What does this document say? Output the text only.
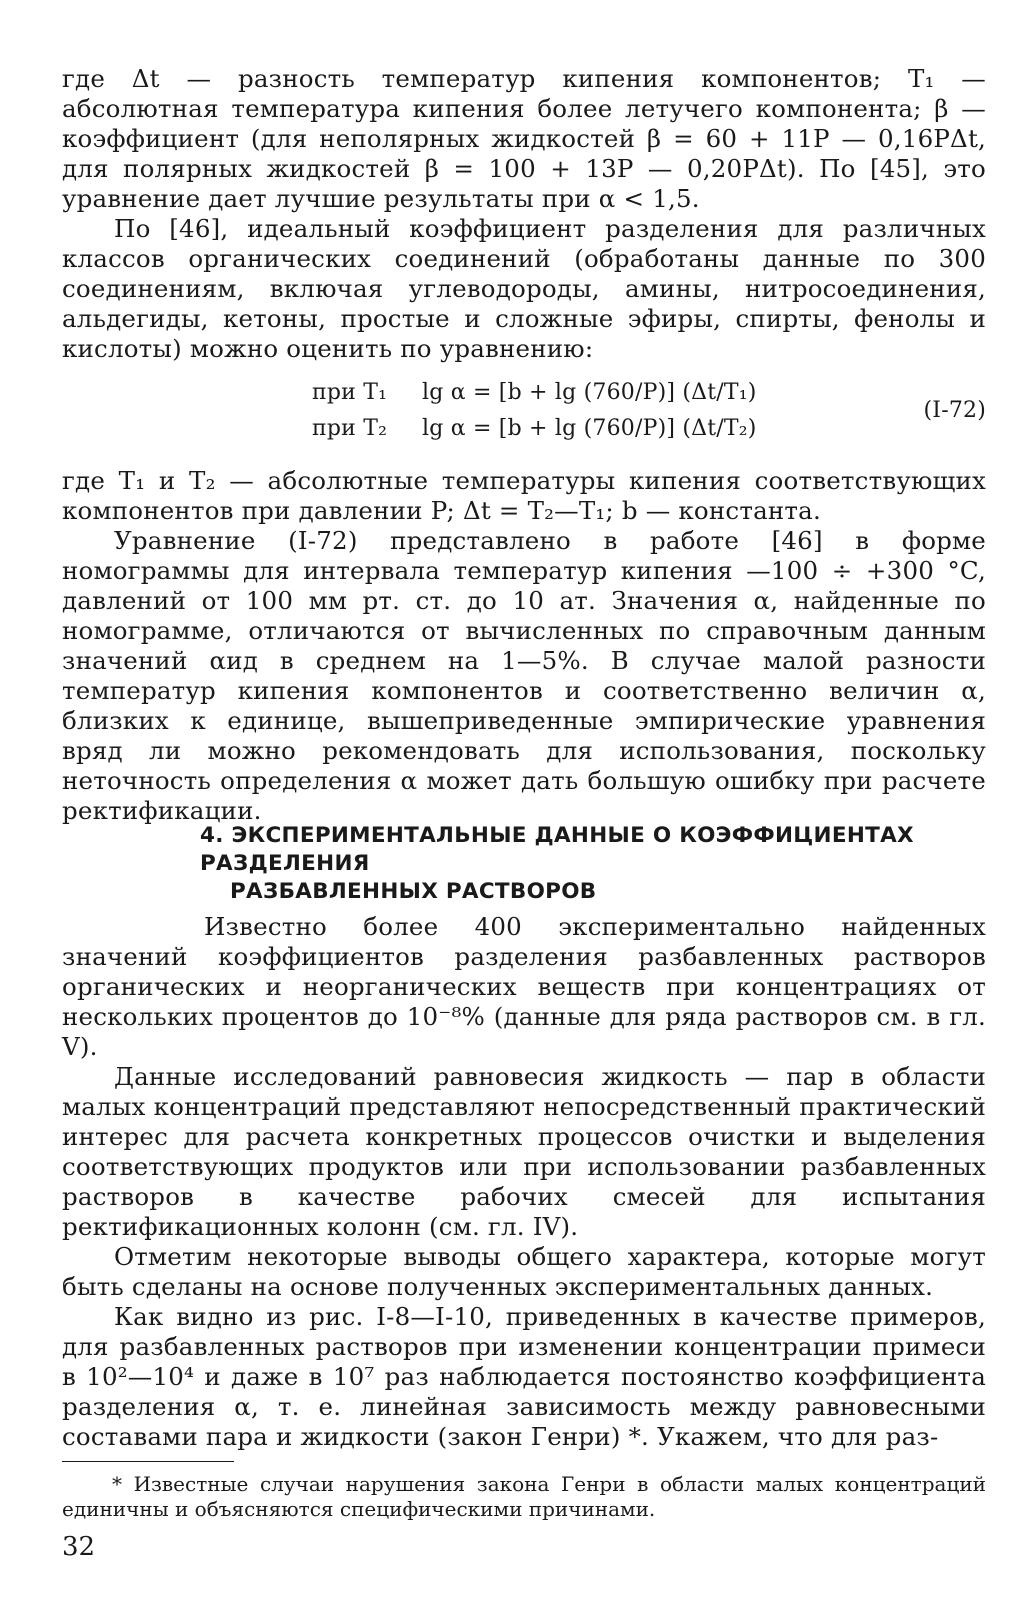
где Δt — разность температур кипения компонентов; T₁ — абсолютная температура кипения более летучего компонента; β — коэффициент (для неполярных жидкостей β = 60 + 11P — 0,16PΔt, для полярных жидкостей β = 100 + 13P — 0,20PΔt). По [45], это уравнение дает лучшие результаты при α < 1,5.

По [46], идеальный коэффициент разделения для различных классов органических соединений (обработаны данные по 300 соединениям, включая углеводороды, амины, нитросоединения, альдегиды, кетоны, простые и сложные эфиры, спирты, фенолы и кислоты) можно оценить по уравнению:

при T₁ lg α = [b + lg (760/P)] (Δt/T₁)
при T₂ lg α = [b + lg (760/P)] (Δt/T₂)
(I-72)

где T₁ и T₂ — абсолютные температуры кипения соответствующих компонентов при давлении P; Δt = T₂—T₁; b — константа.

Уравнение (I-72) представлено в работе [46] в форме номограммы для интервала температур кипения —100 ÷ +300 °C, давлений от 100 мм рт. ст. до 10 ат. Значения α, найденные по номограмме, отличаются от вычисленных по справочным данным значений αид в среднем на 1—5%. В случае малой разности температур кипения компонентов и соответственно величин α, близких к единице, вышеприведенные эмпирические уравнения вряд ли можно рекомендовать для использования, поскольку неточность определения α может дать большую ошибку при расчете ректификации.

4. ЭКСПЕРИМЕНТАЛЬНЫЕ ДАННЫЕ О КОЭФФИЦИЕНТАХ РАЗДЕЛЕНИЯ
РАЗБАВЛЕННЫХ РАСТВОРОВ

Известно более 400 экспериментально найденных значений коэффициентов разделения разбавленных растворов органических и неорганических веществ при концентрациях от нескольких процентов до 10⁻⁸% (данные для ряда растворов см. в гл. V).

Данные исследований равновесия жидкость — пар в области малых концентраций представляют непосредственный практический интерес для расчета конкретных процессов очистки и выделения соответствующих продуктов или при использовании разбавленных растворов в качестве рабочих смесей для испытания ректификационных колонн (см. гл. IV).

Отметим некоторые выводы общего характера, которые могут быть сделаны на основе полученных экспериментальных данных.

Как видно из рис. I-8—I-10, приведенных в качестве примеров, для разбавленных растворов при изменении концентрации примеси в 10²—10⁴ и даже в 10⁷ раз наблюдается постоянство коэффициента разделения α, т. е. линейная зависимость между равновесными составами пара и жидкости (закон Генри) *. Укажем, что для раз-

* Известные случаи нарушения закона Генри в области малых концентраций единичны и объясняются специфическими причинами.

32
